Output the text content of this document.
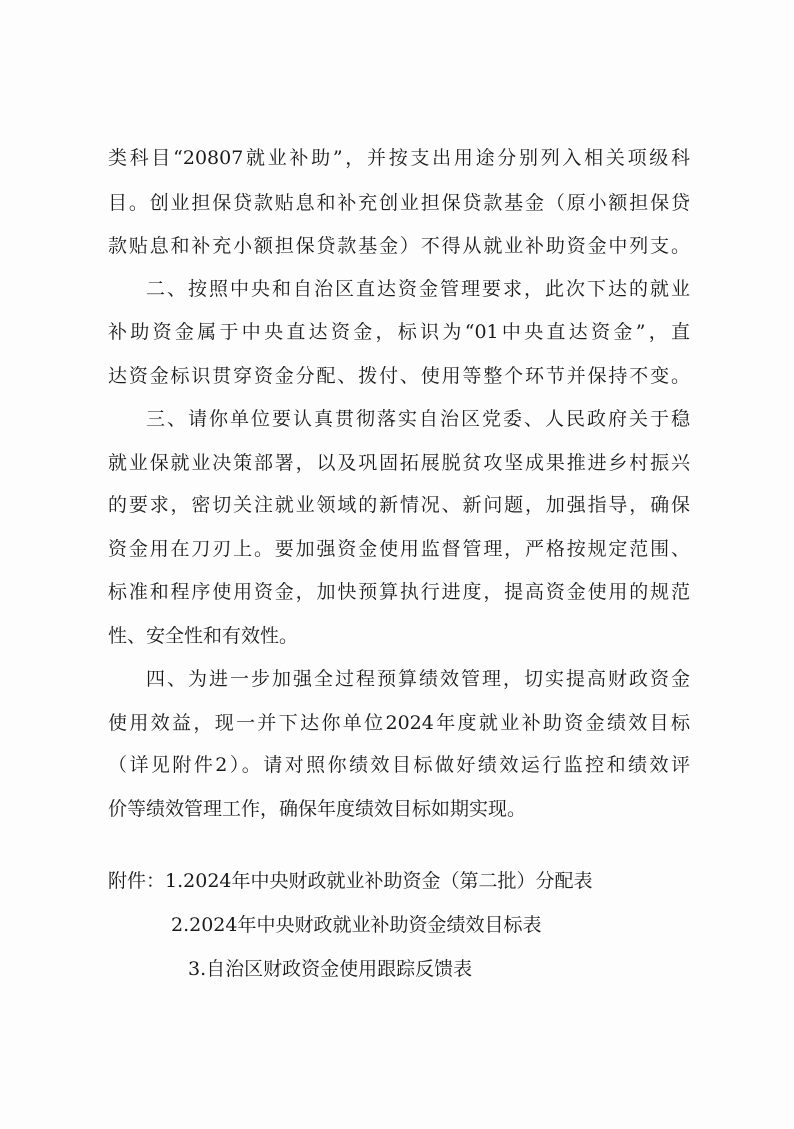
类科目“20807就业补助”，并按支出用途分别列入相关项级科
目。创业担保贷款贴息和补充创业担保贷款基金（原小额担保贷
款贴息和补充小额担保贷款基金）不得从就业补助资金中列支。
二、按照中央和自治区直达资金管理要求，此次下达的就业
补助资金属于中央直达资金，标识为“01中央直达资金”，直
达资金标识贯穿资金分配、拨付、使用等整个环节并保持不变。
三、请你单位要认真贯彻落实自治区党委、人民政府关于稳
就业保就业决策部署，以及巩固拓展脱贫攻坚成果推进乡村振兴
的要求，密切关注就业领域的新情况、新问题，加强指导，确保
资金用在刀刃上。要加强资金使用监督管理，严格按规定范围、
标准和程序使用资金，加快预算执行进度，提高资金使用的规范
性、安全性和有效性。
四、为进一步加强全过程预算绩效管理，切实提高财政资金
使用效益，现一并下达你单位2024年度就业补助资金绩效目标
（详见附件2）。请对照你绩效目标做好绩效运行监控和绩效评
价等绩效管理工作，确保年度绩效目标如期实现。
附件：1.2024年中央财政就业补助资金（第二批）分配表
2.2024年中央财政就业补助资金绩效目标表
3.自治区财政资金使用跟踪反馈表
